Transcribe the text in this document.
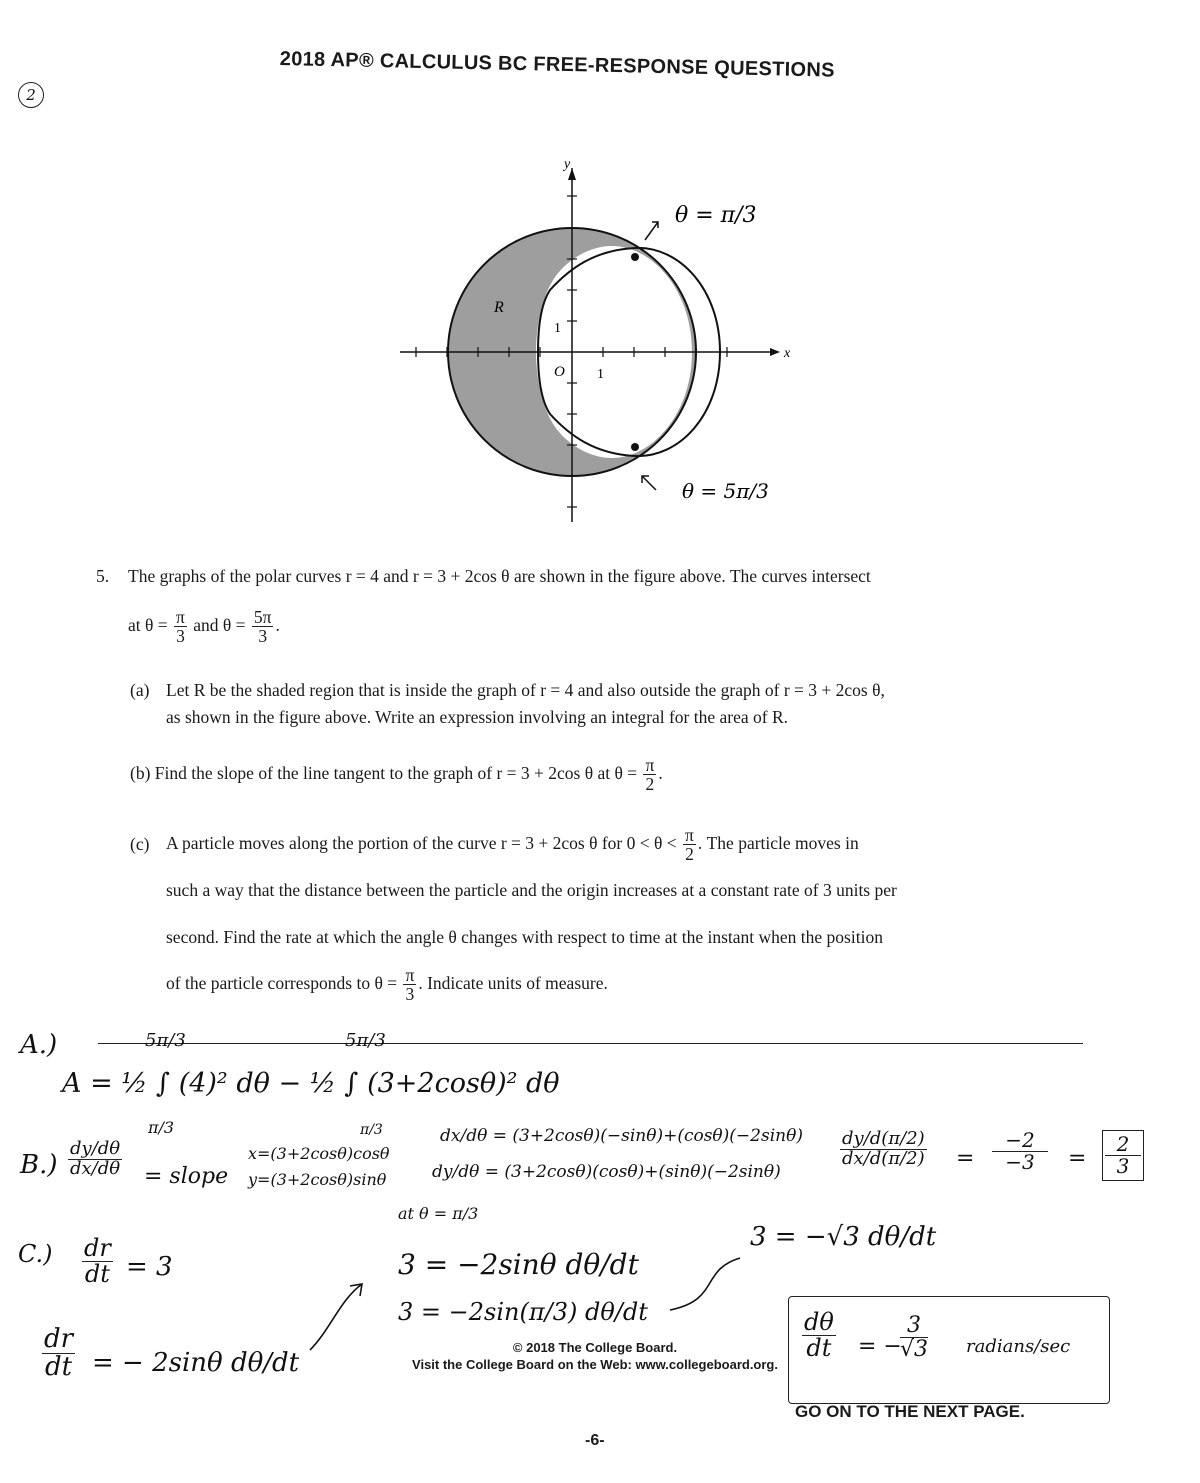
2018 AP® CALCULUS BC FREE-RESPONSE QUESTIONS
2
y
x
R
O 1
1
θ = π/3
θ = 5π/3
5. The graphs of the polar curves r = 4 and r = 3 + 2cos θ are shown in the figure above. The curves intersect
at $\theta = \frac{\pi}{3}$ and $\theta = \frac{5\pi}{3}$ .
(a) Let R be the shaded region that is inside the graph of r = 4 and also outside the graph of r = 3 + 2cos θ,
as shown in the figure above. Write an expression involving an integral for the area of R.
(b) Find the slope of the line tangent to the graph of r = 3 + 2cos θ at $\theta = \frac{\pi}{2}$ .
(c) A particle moves along the portion of the curve r = 3 + 2cos θ for $0 < \theta < \frac{\pi}{2}$ . The particle moves in
such a way that the distance between the particle and the origin increases at a constant rate of 3 units per
second. Find the rate at which the angle θ changes with respect to time at the instant when the position
of the particle corresponds to $\theta = \frac{\pi}{3}$ . Indicate units of measure.
A.)	5π/3	5π/3
A = ½ ∫ (4)² dθ − ½ ∫ (3+2cosθ)² dθ
π/3
$B.) \frac{dy/d\theta}{dx/d\theta}$ = slope
π/3
x=(3+2cosθ)cosθ
y=(3+2cosθ)sinθ
dx/dθ = (3+2cosθ)(−sinθ)+(cosθ)(−2sinθ)
dy/dθ = (3+2cosθ)(cosθ)+(sinθ)(−2sinθ)
$\frac{dy/d(\pi/2)}{dx/d(\pi/2)} = \frac{-2}{-3} = \frac{2}{3}$
$C.) \frac{dr}{dt} = 3$
at θ = π/3
3 = −2sinθ dθ/dt
3 = −2sin(π/3) dθ/dt
3 = −√3 dθ/dt
$\frac{dr}{dt}$ = − 2sinθ dθ/dt
$\frac{d\theta}{dt}$ = −
$\frac{3}{√3}$ radians/sec
© 2018 The College Board.
Visit the College Board on the Web: www.collegeboard.org.
GO ON TO THE NEXT PAGE.
-6-
